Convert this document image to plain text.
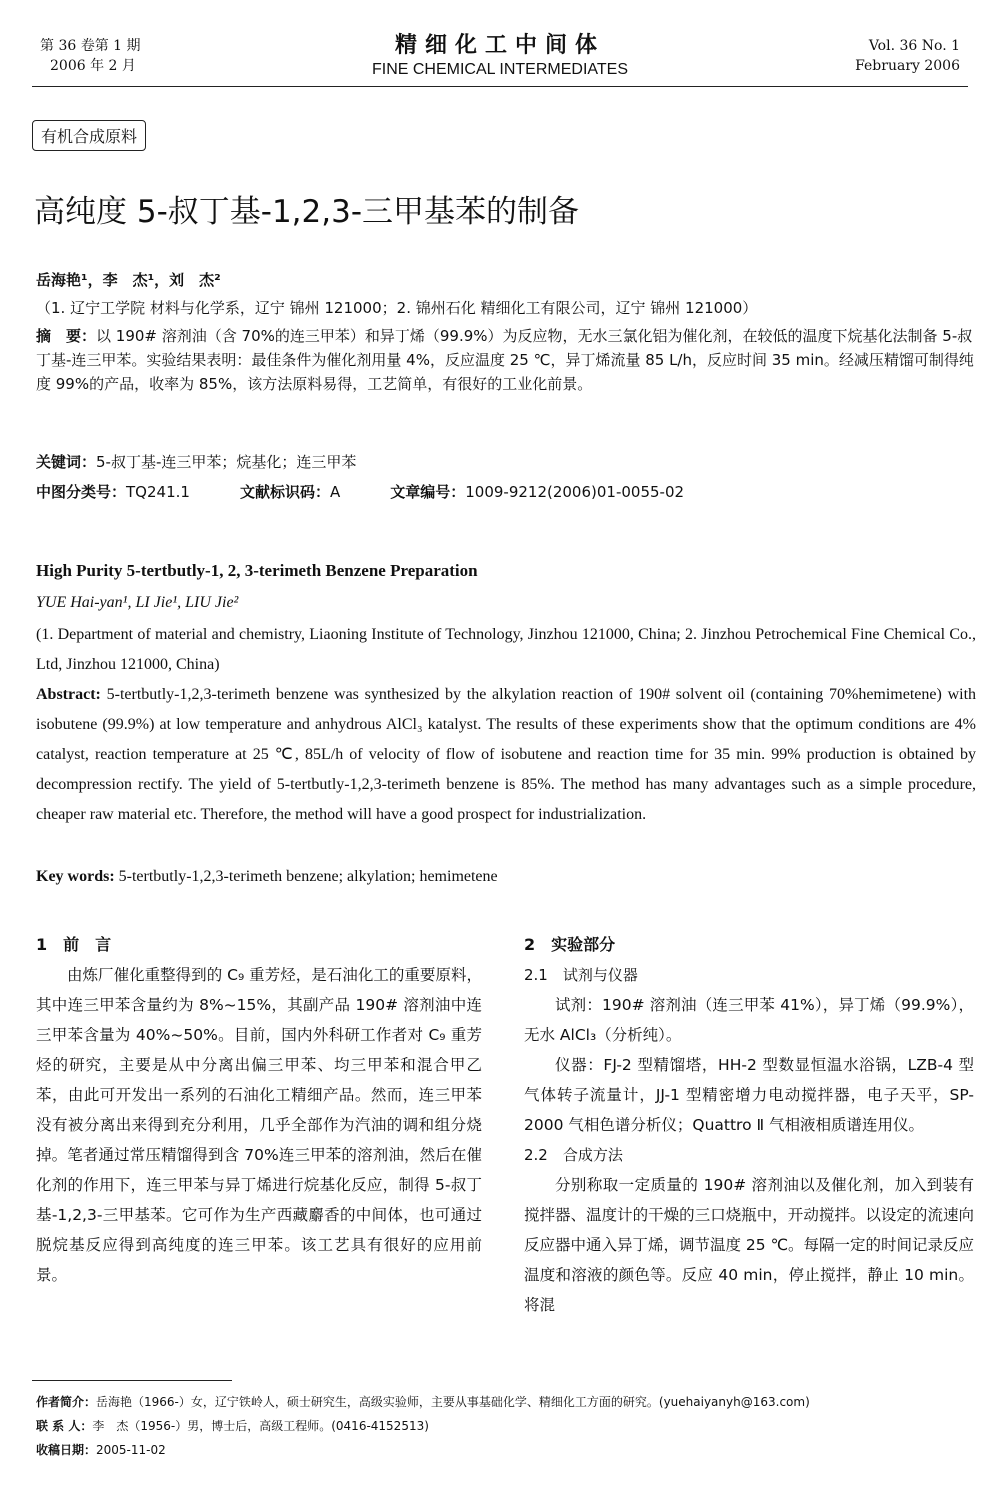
第 36 卷第 1 期
2006 年 2 月
精细化工中间体
FINE CHEMICAL INTERMEDIATES
Vol. 36 No. 1
February 2006
有机合成原料
高纯度 5-叔丁基-1,2,3-三甲基苯的制备
岳海艳¹，李　杰¹，刘　杰²
（1. 辽宁工学院 材料与化学系，辽宁 锦州 121000；2. 锦州石化 精细化工有限公司，辽宁 锦州 121000）
摘　要：以 190# 溶剂油（含 70%的连三甲苯）和异丁烯（99.9%）为反应物，无水三氯化铝为催化剂，在较低的温度下烷基化法制备 5-叔丁基-连三甲苯。实验结果表明：最佳条件为催化剂用量 4%，反应温度 25 ℃，异丁烯流量 85 L/h，反应时间 35 min。经减压精馏可制得纯度 99%的产品，收率为 85%，该方法原料易得，工艺简单，有很好的工业化前景。
关键词：5-叔丁基-连三甲苯；烷基化；连三甲苯
中图分类号：TQ241.1	文献标识码：A	文章编号：1009-9212(2006)01-0055-02
High Purity 5-tertbutly-1, 2, 3-terimeth Benzene Preparation
YUE Hai-yan¹, LI Jie¹, LIU Jie²
(1. Department of material and chemistry, Liaoning Institute of Technology, Jinzhou 121000, China; 2. Jinzhou Petrochemical Fine Chemical Co., Ltd, Jinzhou 121000, China)
Abstract: 5-tertbutly-1,2,3-terimeth benzene was synthesized by the alkylation reaction of 190# solvent oil (containing 70%hemimetene) with isobutene (99.9%) at low temperature and anhydrous AlCl₃ katalyst. The results of these experiments show that the optimum conditions are 4% catalyst, reaction temperature at 25 ℃, 85L/h of velocity of flow of isobutene and reaction time for 35 min. 99% production is obtained by decompression rectify. The yield of 5-tertbutly-1,2,3-terimeth benzene is 85%. The method has many advantages such as a simple procedure, cheaper raw material etc. Therefore, the method will have a good prospect for industrialization.
Key words: 5-tertbutly-1,2,3-terimeth benzene; alkylation; hemimetene
1　前　言

由炼厂催化重整得到的 C₉ 重芳烃，是石油化工的重要原料，其中连三甲苯含量约为 8%~15%，其副产品 190# 溶剂油中连三甲苯含量为 40%~50%。目前，国内外科研工作者对 C₉ 重芳烃的研究，主要是从中分离出偏三甲苯、均三甲苯和混合甲乙苯，由此可开发出一系列的石油化工精细产品。然而，连三甲苯没有被分离出来得到充分利用，几乎全部作为汽油的调和组分烧掉。笔者通过常压精馏得到含 70%连三甲苯的溶剂油，然后在催化剂的作用下，连三甲苯与异丁烯进行烷基化反应，制得 5-叔丁基-1,2,3-三甲基苯。它可作为生产西藏麝香的中间体，也可通过脱烷基反应得到高纯度的连三甲苯。该工艺具有很好的应用前景。

2　实验部分
2.1　试剂与仪器

试剂：190# 溶剂油（连三甲苯 41%），异丁烯（99.9%），无水 AlCl₃（分析纯）。

仪器：FJ-2 型精馏塔，HH-2 型数显恒温水浴锅，LZB-4 型气体转子流量计，JJ-1 型精密增力电动搅拌器，电子天平，SP-2000 气相色谱分析仪；Quattro Ⅱ 气相液相质谱连用仪。

2.2　合成方法

分别称取一定质量的 190# 溶剂油以及催化剂，加入到装有搅拌器、温度计的干燥的三口烧瓶中，开动搅拌。以设定的流速向反应器中通入异丁烯，调节温度 25 ℃。每隔一定的时间记录反应温度和溶液的颜色等。反应 40 min，停止搅拌，静止 10 min。将混

作者简介：岳海艳（1966-）女，辽宁铁岭人，硕士研究生，高级实验师，主要从事基础化学、精细化工方面的研究。(yuehaiyanyh@163.com)
联 系 人：李　杰（1956-）男，博士后，高级工程师。(0416-4152513)
收稿日期：2005-11-02
